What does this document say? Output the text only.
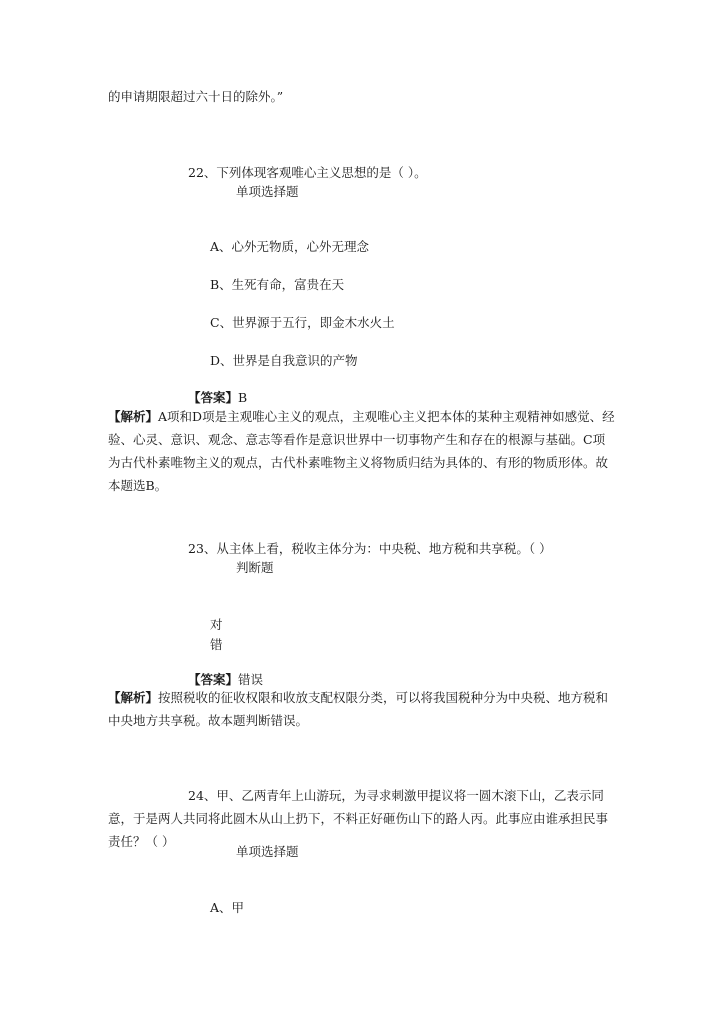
的申请期限超过六十日的除外。”
22、下列体现客观唯心主义思想的是（ ）。
单项选择题
A、心外无物质，心外无理念
B、生死有命，富贵在天
C、世界源于五行，即金木水火土
D、世界是自我意识的产物
【答案】B
【解析】A项和D项是主观唯心主义的观点，主观唯心主义把本体的某种主观精神如感觉、经验、心灵、意识、观念、意志等看作是意识世界中一切事物产生和存在的根源与基础。C项为古代朴素唯物主义的观点，古代朴素唯物主义将物质归结为具体的、有形的物质形体。故本题选B。
23、从主体上看，税收主体分为：中央税、地方税和共享税。（ ）
判断题
对
错
【答案】错误
【解析】按照税收的征收权限和收放支配权限分类，可以将我国税种分为中央税、地方税和中央地方共享税。故本题判断错误。
24、甲、乙两青年上山游玩，为寻求刺激甲提议将一圆木滚下山，乙表示同意，于是两人共同将此圆木从山上扔下，不料正好砸伤山下的路人丙。此事应由谁承担民事责任？（ ）
单项选择题
A、甲
